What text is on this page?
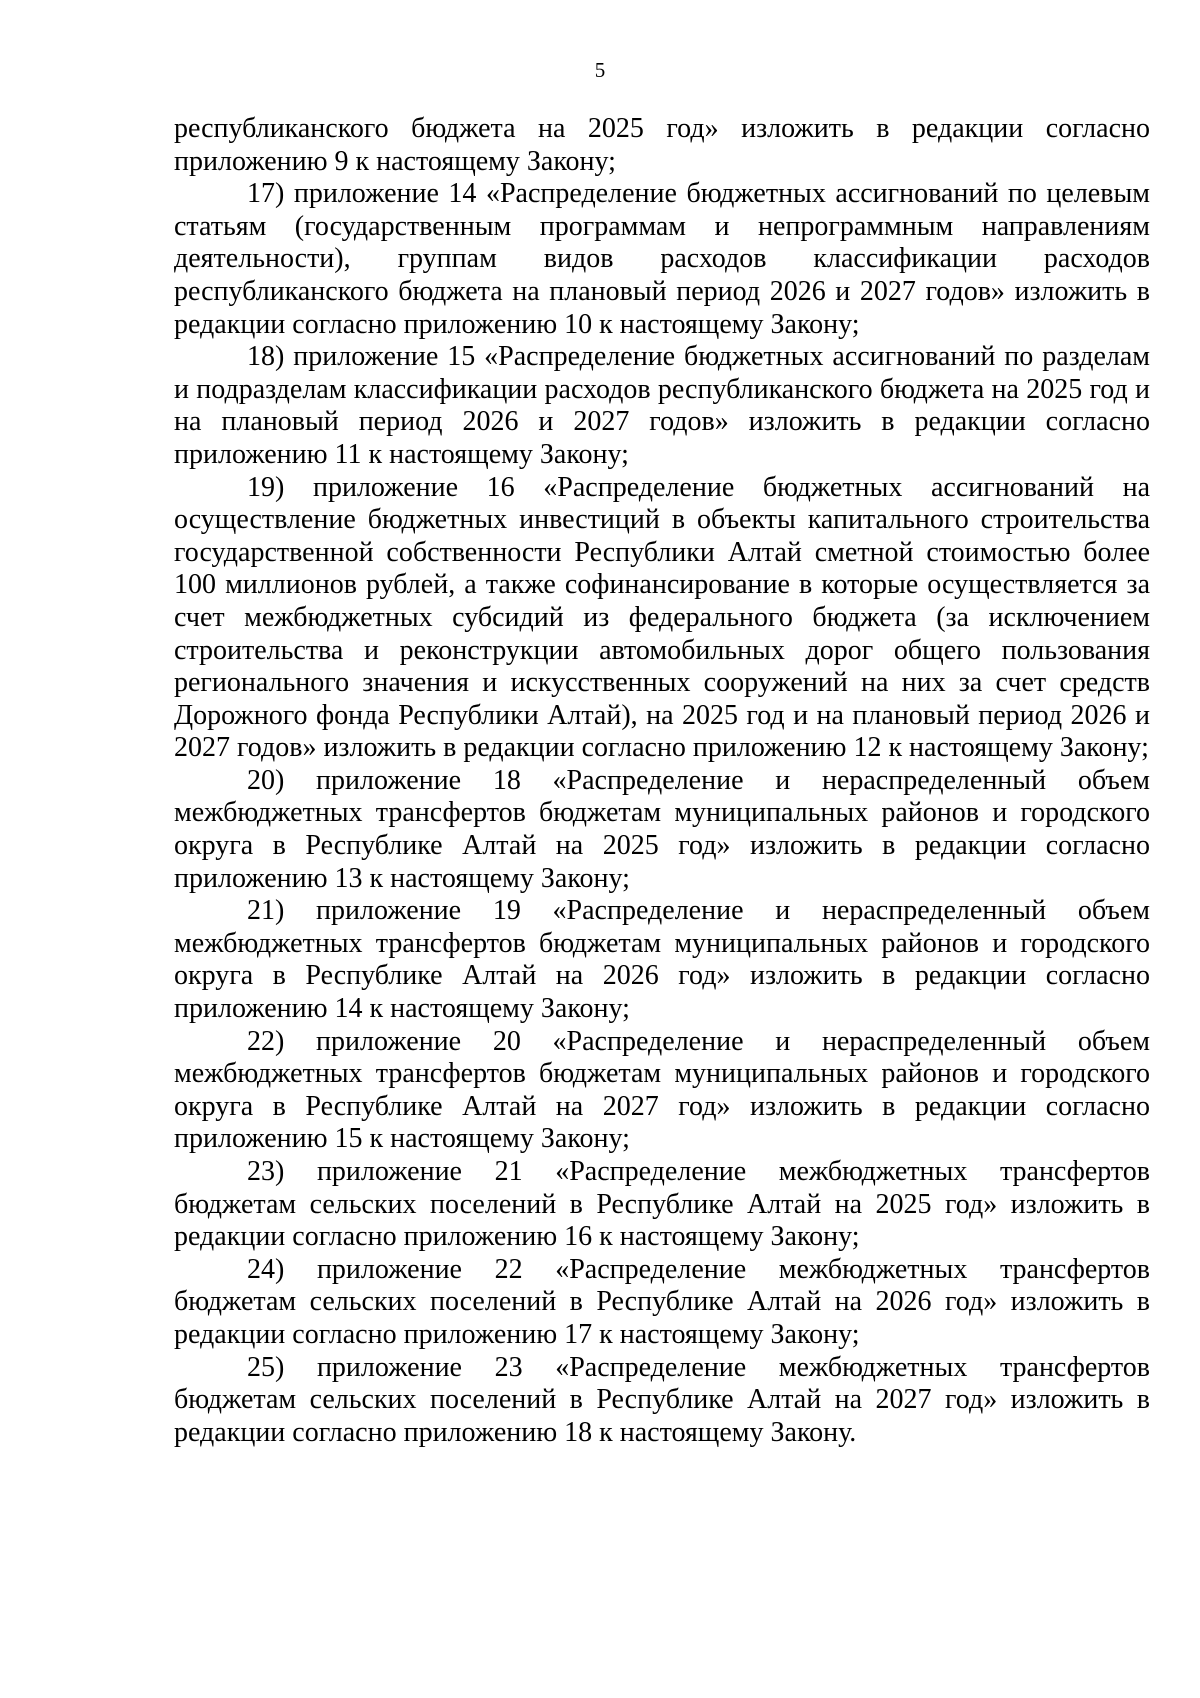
5

республиканского бюджета на 2025 год» изложить в редакции согласно приложению 9 к настоящему Закону;

17) приложение 14 «Распределение бюджетных ассигнований по целевым статьям (государственным программам и непрограммным направлениям деятельности), группам видов расходов классификации расходов республиканского бюджета на плановый период 2026 и 2027 годов» изложить в редакции согласно приложению 10 к настоящему Закону;

18) приложение 15 «Распределение бюджетных ассигнований по разделам и подразделам классификации расходов республиканского бюджета на 2025 год и на плановый период 2026 и 2027 годов» изложить в редакции согласно приложению 11 к настоящему Закону;

19) приложение 16 «Распределение бюджетных ассигнований на осуществление бюджетных инвестиций в объекты капитального строительства государственной собственности Республики Алтай сметной стоимостью более 100 миллионов рублей, а также софинансирование в которые осуществляется за счет межбюджетных субсидий из федерального бюджета (за исключением строительства и реконструкции автомобильных дорог общего пользования регионального значения и искусственных сооружений на них за счет средств Дорожного фонда Республики Алтай), на 2025 год и на плановый период 2026 и 2027 годов» изложить в редакции согласно приложению 12 к настоящему Закону;

20) приложение 18 «Распределение и нераспределенный объем межбюджетных трансфертов бюджетам муниципальных районов и городского округа в Республике Алтай на 2025 год» изложить в редакции согласно приложению 13 к настоящему Закону;

21) приложение 19 «Распределение и нераспределенный объем межбюджетных трансфертов бюджетам муниципальных районов и городского округа в Республике Алтай на 2026 год» изложить в редакции согласно приложению 14 к настоящему Закону;

22) приложение 20 «Распределение и нераспределенный объем межбюджетных трансфертов бюджетам муниципальных районов и городского округа в Республике Алтай на 2027 год» изложить в редакции согласно приложению 15 к настоящему Закону;

23) приложение 21 «Распределение межбюджетных трансфертов бюджетам сельских поселений в Республике Алтай на 2025 год» изложить в редакции согласно приложению 16 к настоящему Закону;

24) приложение 22 «Распределение межбюджетных трансфертов бюджетам сельских поселений в Республике Алтай на 2026 год» изложить в редакции согласно приложению 17 к настоящему Закону;

25) приложение 23 «Распределение межбюджетных трансфертов бюджетам сельских поселений в Республике Алтай на 2027 год» изложить в редакции согласно приложению 18 к настоящему Закону.
